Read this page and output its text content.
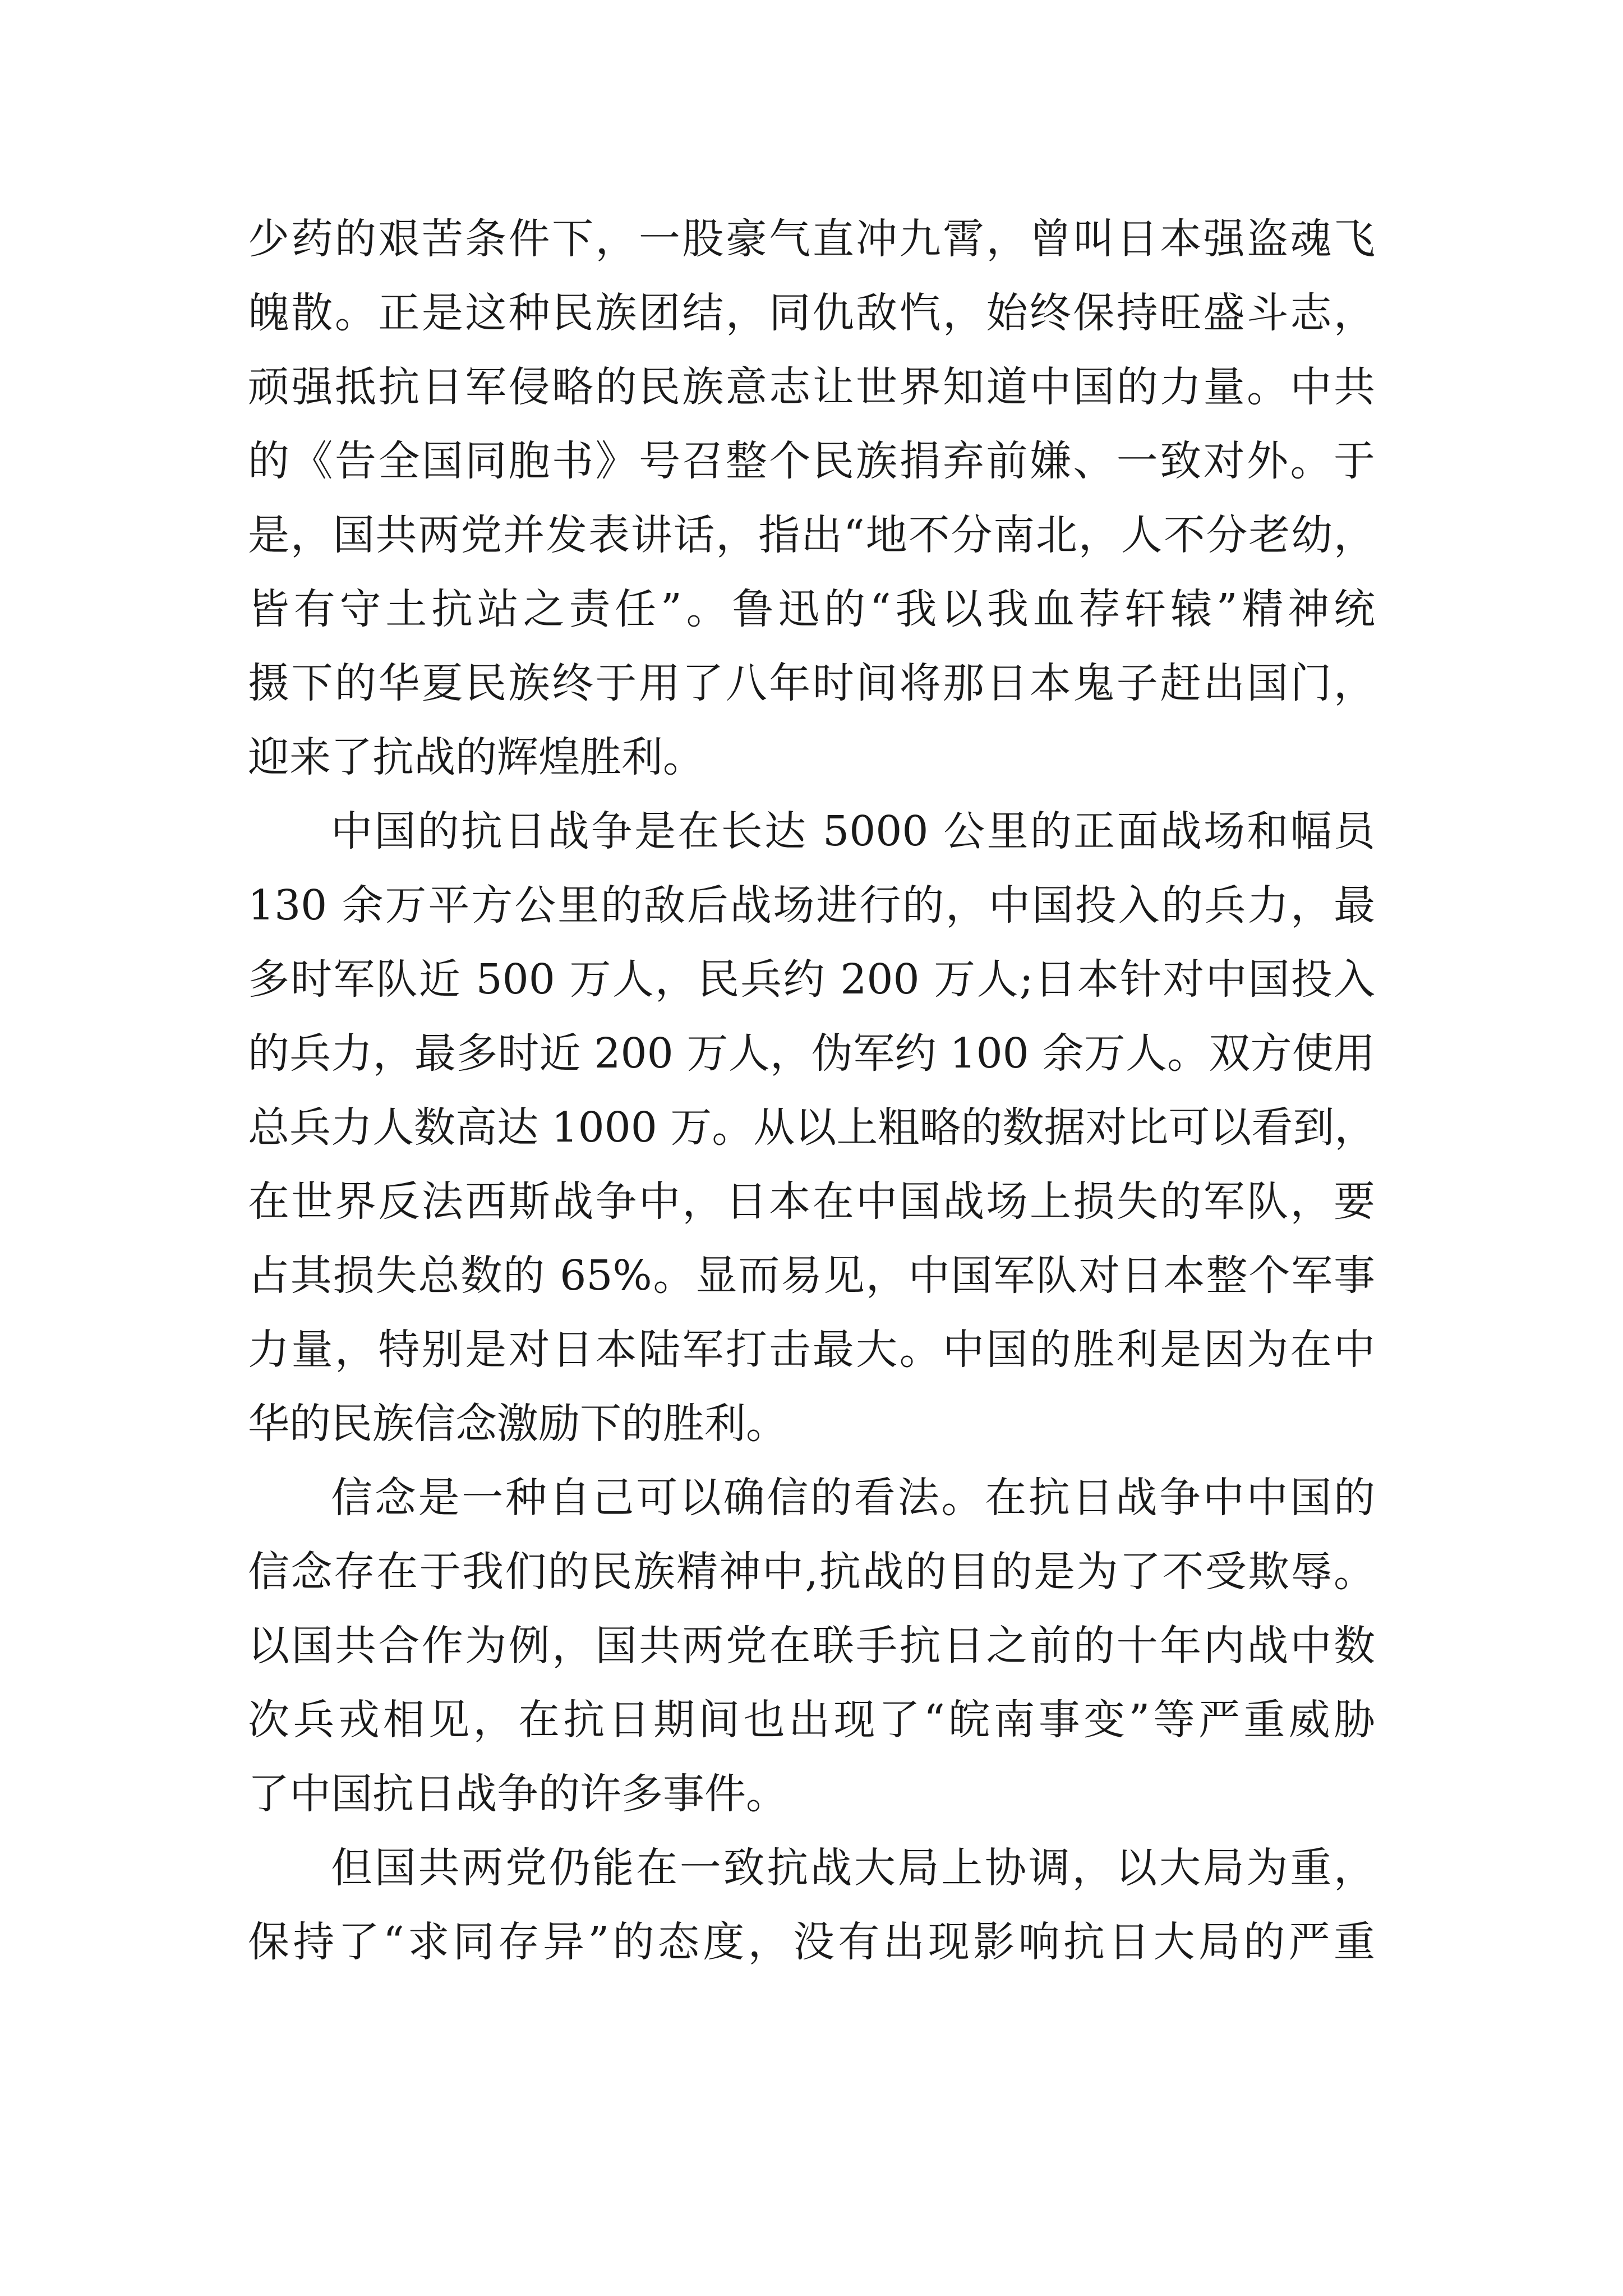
少药的艰苦条件下，一股豪气直冲九霄，曾叫日本强盗魂飞
魄散。正是这种民族团结，同仇敌忾，始终保持旺盛斗志，
顽强抵抗日军侵略的民族意志让世界知道中国的力量。中共
的《告全国同胞书》号召整个民族捐弃前嫌、一致对外。于
是，国共两党并发表讲话，指出“地不分南北，人不分老幼，
皆有守土抗站之责任”。鲁迅的“我以我血荐轩辕”精神统
摄下的华夏民族终于用了八年时间将那日本鬼子赶出国门，
迎来了抗战的辉煌胜利。
中国的抗日战争是在长达 5000 公里的正面战场和幅员
130 余万平方公里的敌后战场进行的，中国投入的兵力，最
多时军队近 500 万人，民兵约 200 万人;日本针对中国投入
的兵力，最多时近 200 万人，伪军约 100 余万人。双方使用
总兵力人数高达 1000 万。从以上粗略的数据对比可以看到，
在世界反法西斯战争中，日本在中国战场上损失的军队，要
占其损失总数的 65%。显而易见，中国军队对日本整个军事
力量，特别是对日本陆军打击最大。中国的胜利是因为在中
华的民族信念激励下的胜利。
信念是一种自己可以确信的看法。在抗日战争中中国的
信念存在于我们的民族精神中,抗战的目的是为了不受欺辱。
以国共合作为例，国共两党在联手抗日之前的十年内战中数
次兵戎相见，在抗日期间也出现了“皖南事变”等严重威胁
了中国抗日战争的许多事件。
但国共两党仍能在一致抗战大局上协调，以大局为重，
保持了“求同存异”的态度，没有出现影响抗日大局的严重
